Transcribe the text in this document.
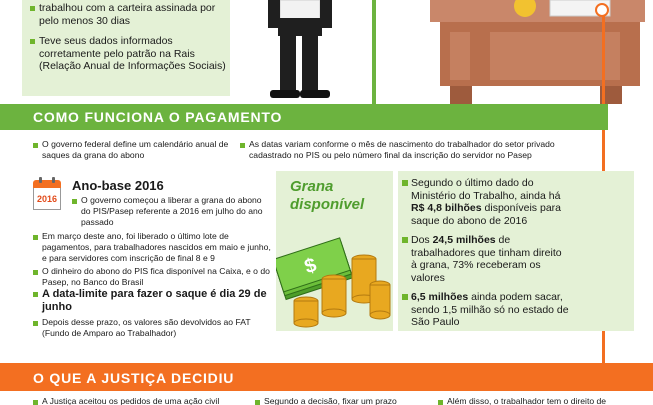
trabalhou com a carteira assinada por pelo menos 30 dias
Teve seus dados informados corretamente pelo patrão na Rais (Relação Anual de Informações Sociais)
COMO FUNCIONA O PAGAMENTO
O governo federal define um calendário anual de saques da grana do abono
As datas variam conforme o mês de nascimento do trabalhador do setor privado cadastrado no PIS ou pelo número final da inscrição do servidor no Pasep
2016
Ano-base 2016
O governo começou a liberar a grana do abono do PIS/Pasep referente a 2016 em julho do ano passado
Em março deste ano, foi liberado o último lote de pagamentos, para trabalhadores nascidos em maio e junho, e para servidores com inscrição de final 8 e 9
O dinheiro do abono do PIS fica disponível na Caixa, e o do Pasep, no Banco do Brasil
A data-limite para fazer o saque é dia 29 de junho
Depois desse prazo, os valores são devolvidos ao FAT (Fundo de Amparo ao Trabalhador)
Grana
disponível
$
Segundo o último dado do Ministério do Trabalho, ainda há R$ 4,8 bilhões disponíveis para saque do abono de 2016
Dos 24,5 milhões de trabalhadores que tinham direito à grana, 73% receberam os valores
6,5 milhões ainda podem sacar, sendo 1,5 milhão só no estado de São Paulo
O QUE A JUSTIÇA DECIDIU
A Justiça aceitou os pedidos de uma ação civil	Segundo a decisão, fixar um prazo	Além disso, o trabalhador tem o direito de
